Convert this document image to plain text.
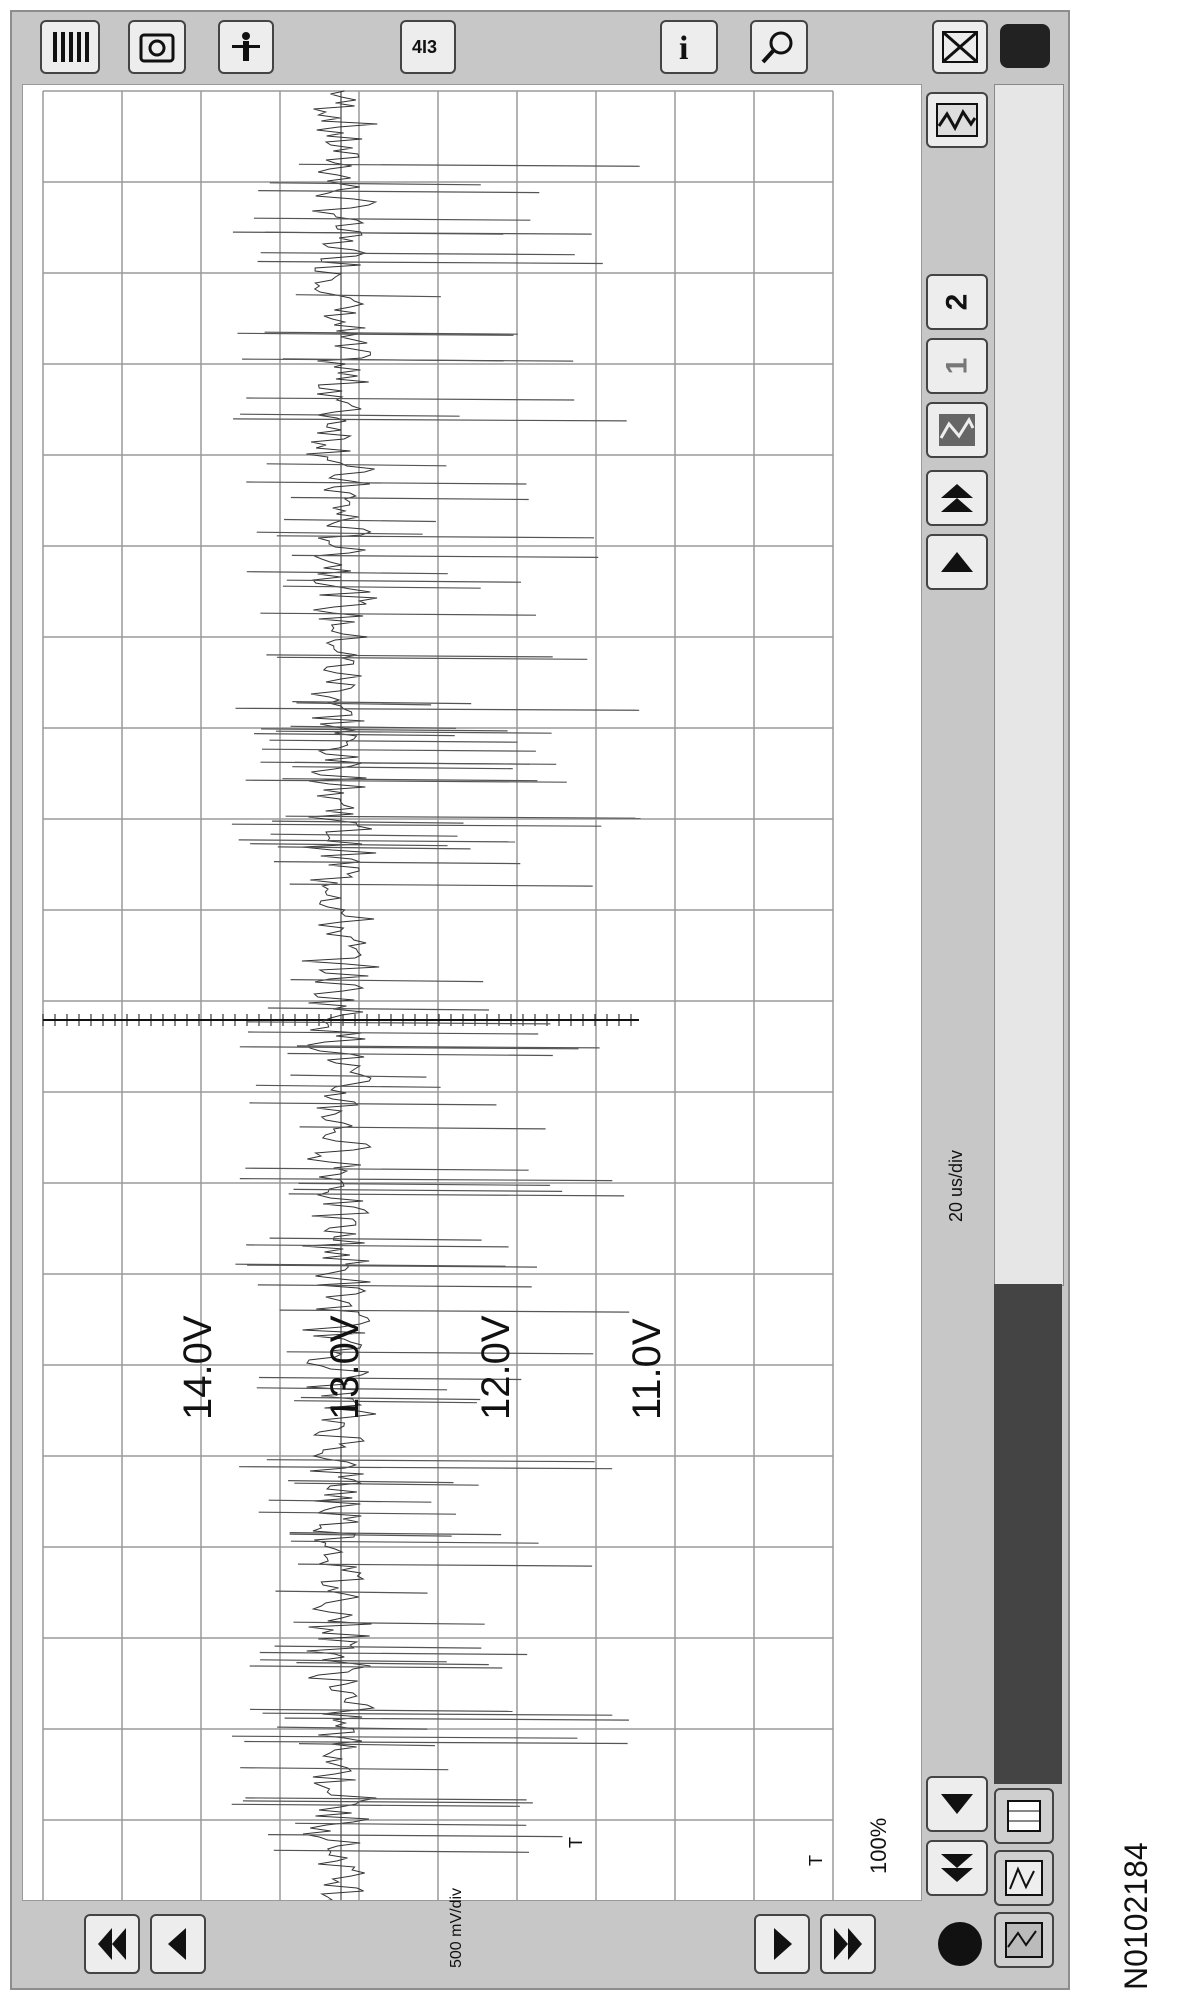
4I3	i
14.0V	13.0V	12.0V	11.0V
T
T 100%
20 us/div
2
1
500 mV/div	N0102184
